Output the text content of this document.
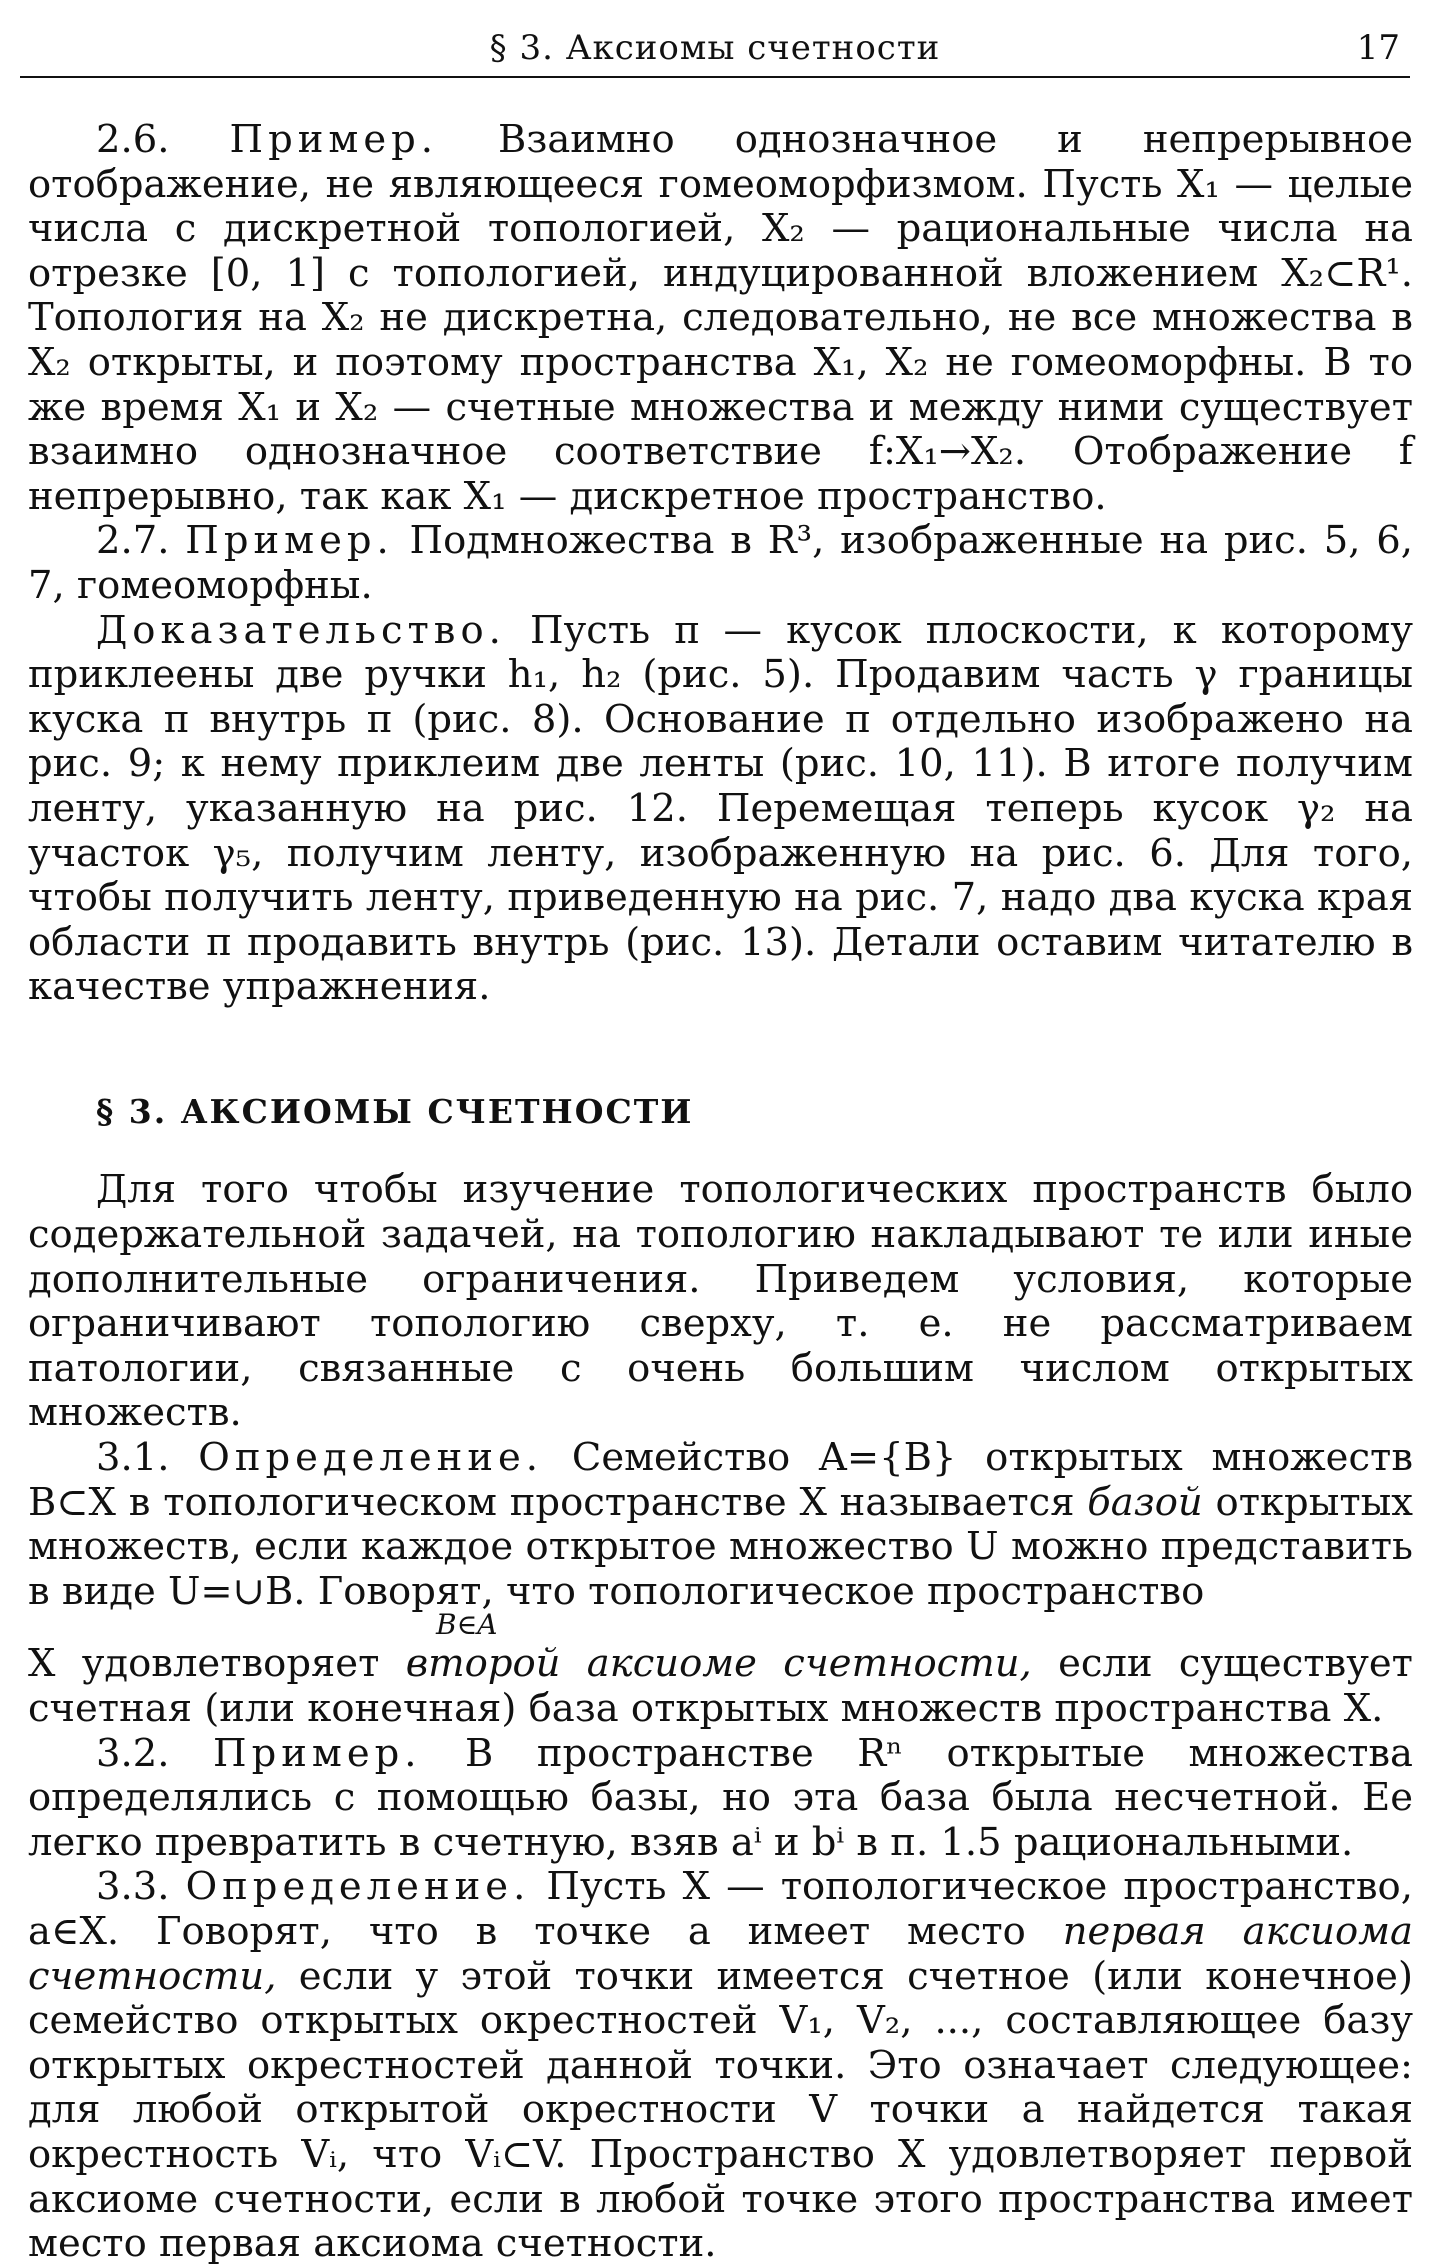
§ 3. Аксиомы счетности	17

2.6. Пример. Взаимно однозначное и непрерывное отображение, не являющееся гомеоморфизмом. Пусть X₁ — целые числа с дискретной топологией, X₂ — рациональные числа на отрезке [0, 1] с топологией, индуцированной вложением X₂⊂R¹. Топология на X₂ не дискретна, следовательно, не все множества в X₂ открыты, и поэтому пространства X₁, X₂ не гомеоморфны. В то же время X₁ и X₂ — счетные множества и между ними существует взаимно однозначное соответствие f:X₁→X₂. Отображение f непрерывно, так как X₁ — дискретное пространство.

2.7. Пример. Подмножества в R³, изображенные на рис. 5, 6, 7, гомеоморфны.

Доказательство. Пусть π — кусок плоскости, к которому приклеены две ручки h₁, h₂ (рис. 5). Продавим часть γ границы куска π внутрь π (рис. 8). Основание π отдельно изображено на рис. 9; к нему приклеим две ленты (рис. 10, 11). В итоге получим ленту, указанную на рис. 12. Перемещая теперь кусок γ₂ на участок γ₅, получим ленту, изображенную на рис. 6. Для того, чтобы получить ленту, приведенную на рис. 7, надо два куска края области π продавить внутрь (рис. 13). Детали оставим читателю в качестве упражнения.

§ 3. АКСИОМЫ СЧЕТНОСТИ

Для того чтобы изучение топологических пространств было содержательной задачей, на топологию накладывают те или иные дополнительные ограничения. Приведем условия, которые ограничивают топологию сверху, т. е. не рассматриваем патологии, связанные с очень большим числом открытых множеств.

3.1. Определение. Семейство A={B} открытых множеств B⊂X в топологическом пространстве X называется базой открытых множеств, если каждое открытое множество U можно представить в виде U=∪B. Говорят, что топологическое пространство
B∈A
X удовлетворяет второй аксиоме счетности, если существует счетная (или конечная) база открытых множеств пространства X.

3.2. Пример. В пространстве Rⁿ открытые множества определялись с помощью базы, но эта база была несчетной. Ее легко превратить в счетную, взяв aⁱ и bⁱ в п. 1.5 рациональными.

3.3. Определение. Пусть X — топологическое пространство, a∈X. Говорят, что в точке a имеет место первая аксиома счетности, если у этой точки имеется счетное (или конечное) семейство открытых окрестностей V₁, V₂, ..., составляющее базу открытых окрестностей данной точки. Это означает следующее: для любой открытой окрестности V точки a найдется такая окрестность Vᵢ, что Vᵢ⊂V. Пространство X удовлетворяет первой аксиоме счетности, если в любой точке этого пространства имеет место первая аксиома счетности.
